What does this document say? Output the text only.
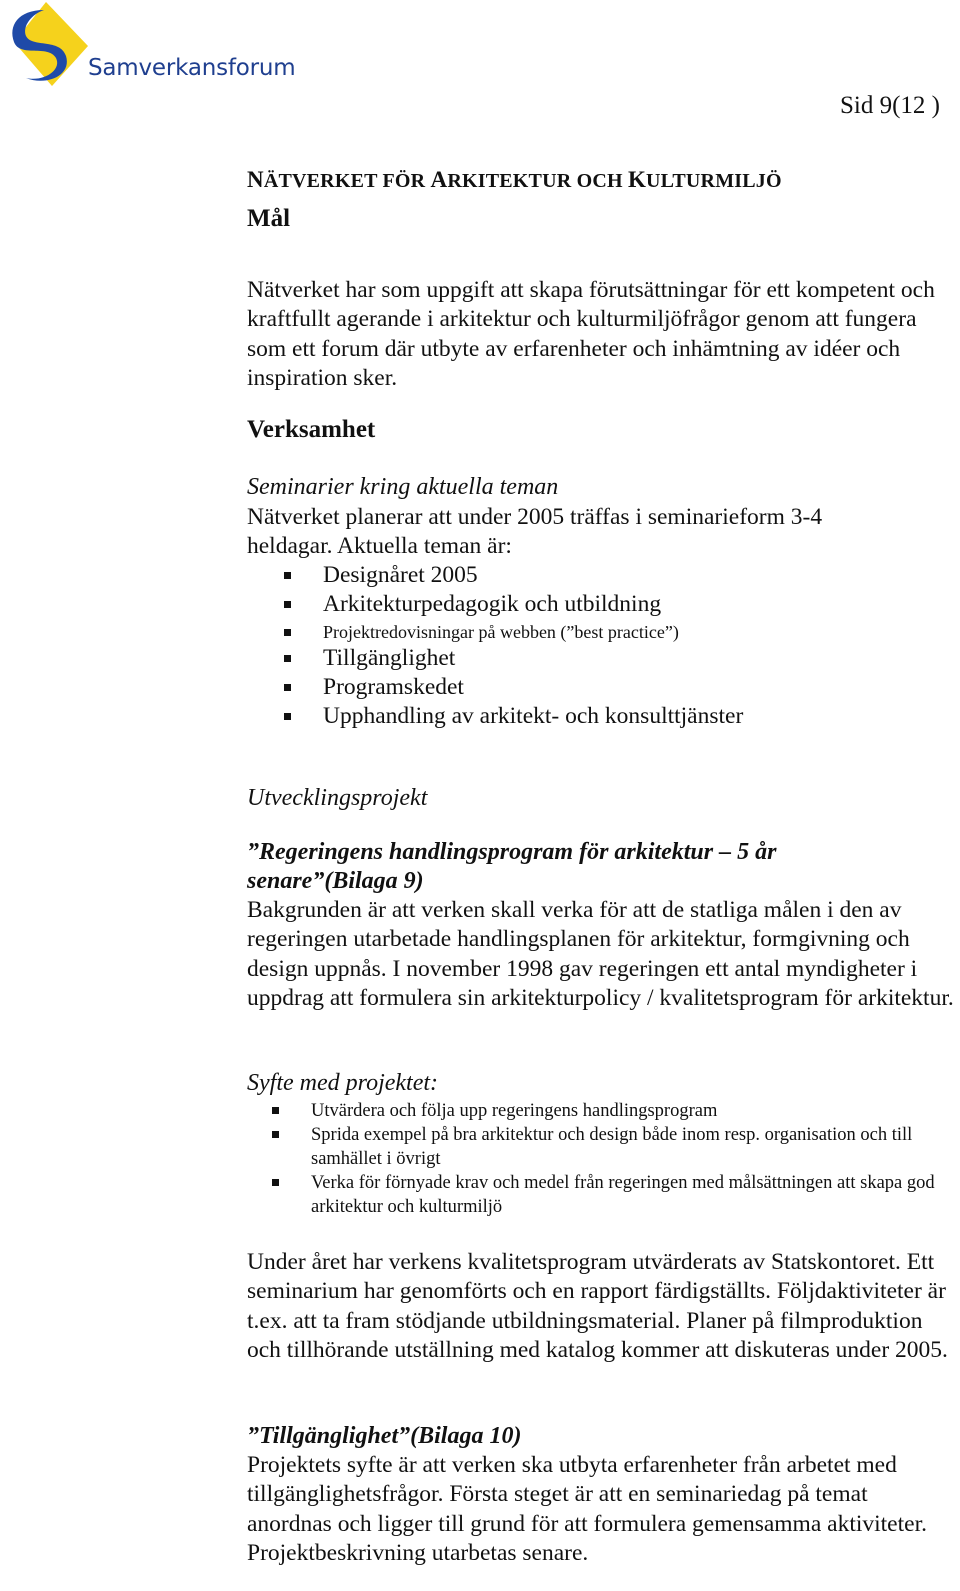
Samverkansforum
Sid 9(12 )
NÄTVERKET FÖR ARKITEKTUR OCH KULTURMILJÖ
Mål
Nätverket har som uppgift att skapa förutsättningar för ett kompetent och kraftfullt agerande i arkitektur och kulturmiljöfrågor genom att fungera som ett forum där utbyte av erfarenheter och inhämtning av idéer och inspiration sker.
Verksamhet
Seminarier kring aktuella teman
Nätverket planerar att under 2005 träffas i seminarieform 3-4
heldagar. Aktuella teman är:
Designåret 2005
Arkitekturpedagogik och utbildning
Projektredovisningar på webben (”best practice”)
Tillgänglighet
Programskedet
Upphandling av arkitekt- och konsulttjänster
Utvecklingsprojekt
”Regeringens handlingsprogram för arkitektur – 5 år
senare”(Bilaga 9)
Bakgrunden är att verken skall verka för att de statliga målen i den av regeringen utarbetade handlingsplanen för arkitektur, formgivning och design uppnås. I november 1998 gav regeringen ett antal myndigheter i uppdrag att formulera sin arkitekturpolicy / kvalitetsprogram för arkitektur.
Syfte med projektet:
Utvärdera och följa upp regeringens handlingsprogram
Sprida exempel på bra arkitektur och design både inom resp. organisation och till samhället i övrigt
Verka för förnyade krav och medel från regeringen med målsättningen att skapa god arkitektur och kulturmiljö
Under året har verkens kvalitetsprogram utvärderats av Statskontoret. Ett seminarium har genomförts och en rapport färdigställts. Följdaktiviteter är t.ex. att ta fram stödjande utbildningsmaterial. Planer på filmproduktion och tillhörande utställning med katalog kommer att diskuteras under 2005.
”Tillgänglighet”(Bilaga 10)
Projektets syfte är att verken ska utbyta erfarenheter från arbetet med tillgänglighetsfrågor. Första steget är att en seminariedag på temat anordnas och ligger till grund för att formulera gemensamma aktiviteter. Projektbeskrivning utarbetas senare.
